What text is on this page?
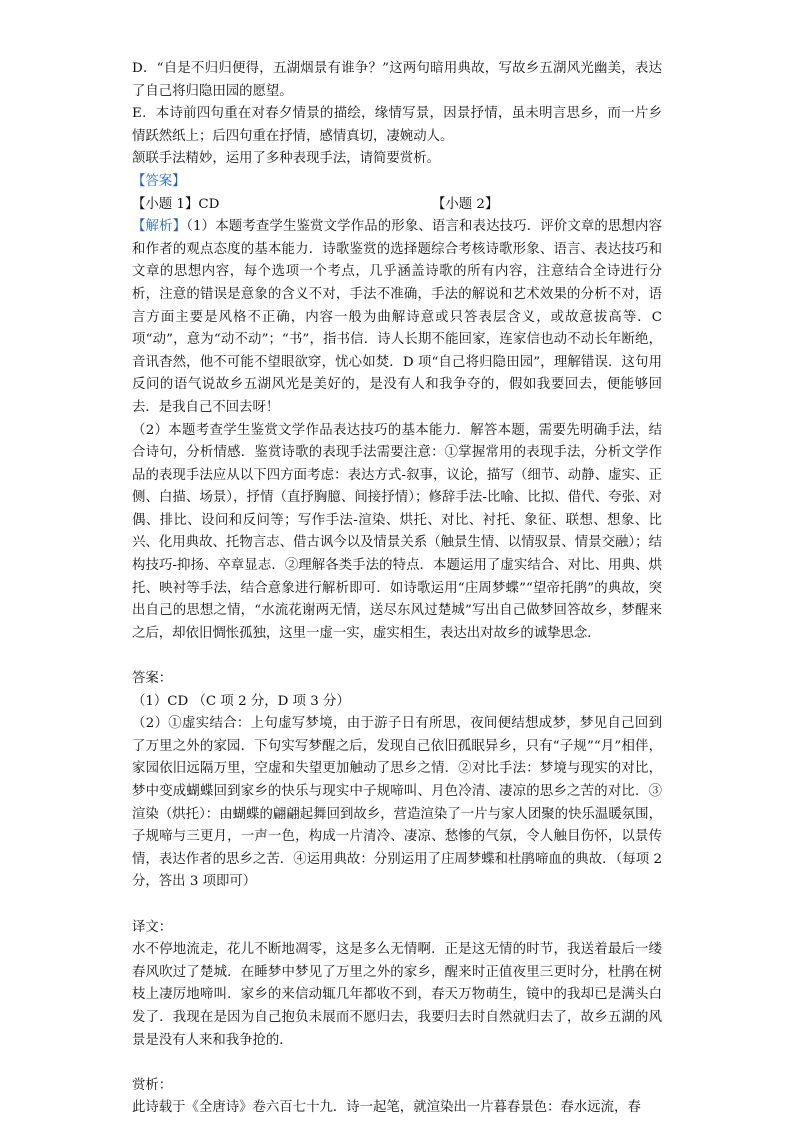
D．“自是不归归便得，五湖烟景有谁争？”这两句暗用典故，写故乡五湖风光幽美，表达了自己将归隐田园的愿望。

E．本诗前四句重在对春夕情景的描绘，缘情写景，因景抒情，虽未明言思乡，而一片乡情跃然纸上；后四句重在抒情，感情真切，凄婉动人。

颔联手法精妙，运用了多种表现手法，请简要赏析。

【答案】

【小题 1】CD	【小题 2】

【解析】（1）本题考查学生鉴赏文学作品的形象、语言和表达技巧．评价文章的思想内容和作者的观点态度的基本能力．诗歌鉴赏的选择题综合考核诗歌形象、语言、表达技巧和文章的思想内容，每个选项一个考点，几乎涵盖诗歌的所有内容，注意结合全诗进行分析，注意的错误是意象的含义不对，手法不准确，手法的解说和艺术效果的分析不对，语言方面主要是风格不正确，内容一般为曲解诗意或只答表层含义，或故意拔高等．C 项“动”，意为“动不动”；“书”，指书信．诗人长期不能回家，连家信也动不动长年断绝，音讯杳然，他不可能不望眼欲穿，忧心如焚．D 项“自己将归隐田园”，理解错误．这句用反问的语气说故乡五湖风光是美好的，是没有人和我争夺的，假如我要回去，便能够回去．是我自己不回去呀！

（2）本题考查学生鉴赏文学作品表达技巧的基本能力．解答本题，需要先明确手法，结合诗句，分析情感．鉴赏诗歌的表现手法需要注意：①掌握常用的表现手法，分析文学作品的表现手法应从以下四方面考虑：表达方式-叙事，议论，描写（细节、动静、虚实、正侧、白描、场景），抒情（直抒胸臆、间接抒情）；修辞手法-比喻、比拟、借代、夸张、对偶、排比、设问和反问等；写作手法-渲染、烘托、对比、衬托、象征、联想、想象、比兴、化用典故、托物言志、借古讽今以及情景关系（触景生情、以情驭景、情景交融）；结构技巧-抑扬、卒章显志．②理解各类手法的特点．本题运用了虚实结合、对比、用典、烘托、映衬等手法，结合意象进行解析即可．如诗歌运用“庄周梦蝶”“望帝托鹃”的典故，突出自己的思想之情，“水流花谢两无情，送尽东风过楚城”写出自己做梦回答故乡，梦醒来之后，却依旧惆怅孤独，这里一虚一实，虚实相生，表达出对故乡的诚挚思念．

答案：

（1）CD （C 项 2 分，D 项 3 分）

（2）①虚实结合：上句虚写梦境，由于游子日有所思，夜间便结想成梦，梦见自己回到了万里之外的家园．下句实写梦醒之后，发现自己依旧孤眠异乡，只有“子规”“月”相伴，家园依旧远隔万里，空虚和失望更加触动了思乡之情．②对比手法：梦境与现实的对比，梦中变成蝴蝶回到家乡的快乐与现实中子规啼叫、月色冷清、凄凉的思乡之苦的对比．③渲染（烘托）：由蝴蝶的翩翩起舞回到故乡，营造渲染了一片与家人团聚的快乐温暖氛围，子规啼与三更月，一声一色，构成一片清冷、凄凉、愁惨的气氛，令人触目伤怀，以景传情，表达作者的思乡之苦．④运用典故：分别运用了庄周梦蝶和杜鹃啼血的典故．（每项 2 分，答出 3 项即可）

译文：

水不停地流走，花儿不断地凋零，这是多么无情啊．正是这无情的时节，我送着最后一缕春风吹过了楚城．在睡梦中梦见了万里之外的家乡，醒来时正值夜里三更时分，杜鹃在树枝上凄厉地啼叫．家乡的来信动辄几年都收不到，春天万物萌生，镜中的我却已是满头白发了．我现在是因为自己抱负未展而不愿归去，我要归去时自然就归去了，故乡五湖的风景是没有人来和我争抢的．

赏析：

此诗载于《全唐诗》卷六百七十九．诗一起笔，就渲染出一片暮春景色：春水远流，春
